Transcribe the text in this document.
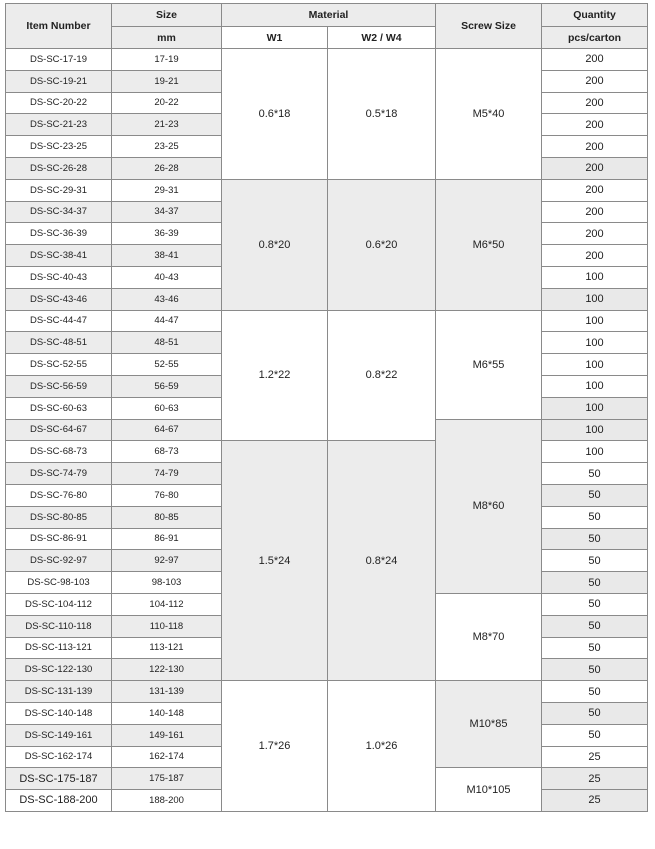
Item Number	Size	Material		Screw Size	Quantity
	mm	W1	W2 / W4		pcs/carton
DS-SC-17-19	17-19	0.6*18	0.5*18	M5*40	200
DS-SC-19-21	19-21				200
DS-SC-20-22	20-22				200
DS-SC-21-23	21-23				200
DS-SC-23-25	23-25				200
DS-SC-26-28	26-28				200
DS-SC-29-31	29-31	0.8*20	0.6*20	M6*50	200
DS-SC-34-37	34-37				200
DS-SC-36-39	36-39				200
DS-SC-38-41	38-41				200
DS-SC-40-43	40-43				100
DS-SC-43-46	43-46				100
DS-SC-44-47	44-47	1.2*22	0.8*22	M6*55	100
DS-SC-48-51	48-51				100
DS-SC-52-55	52-55				100
DS-SC-56-59	56-59				100
DS-SC-60-63	60-63				100
DS-SC-64-67	64-67			M8*60	100
DS-SC-68-73	68-73	1.5*24	0.8*24		100
DS-SC-74-79	74-79				50
DS-SC-76-80	76-80				50
DS-SC-80-85	80-85				50
DS-SC-86-91	86-91				50
DS-SC-92-97	92-97				50
DS-SC-98-103	98-103				50
DS-SC-104-112	104-112			M8*70	50
DS-SC-110-118	110-118				50
DS-SC-113-121	113-121				50
DS-SC-122-130	122-130				50
DS-SC-131-139	131-139	1.7*26	1.0*26	M10*85	50
DS-SC-140-148	140-148				50
DS-SC-149-161	149-161				50
DS-SC-162-174	162-174				25
DS-SC-175-187	175-187			M10*105	25
DS-SC-188-200	188-200				25
